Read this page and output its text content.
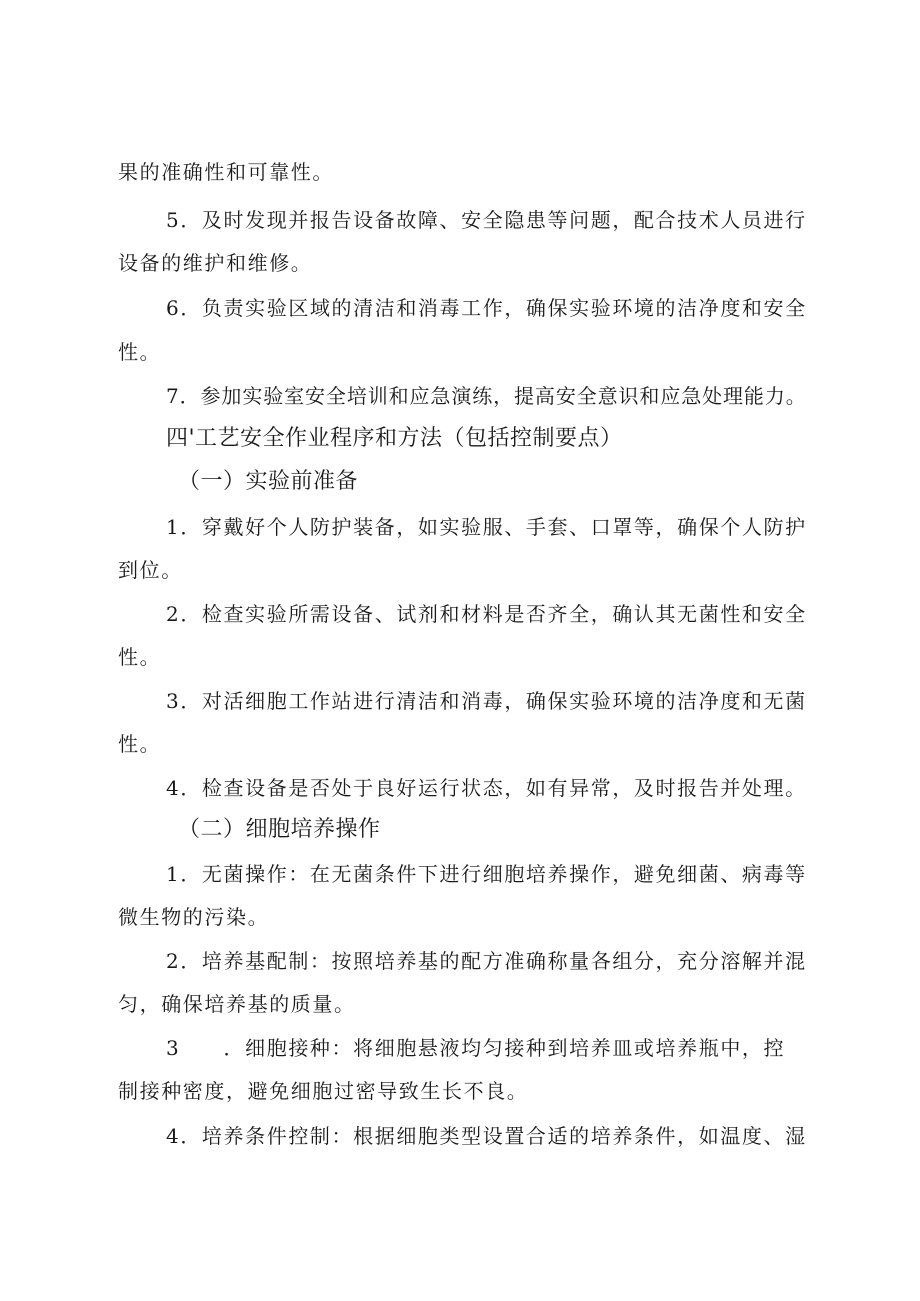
果的准确性和可靠性。
5．及时发现并报告设备故障、安全隐患等问题，配合技术人员进行
设备的维护和维修。
6．负责实验区域的清洁和消毒工作，确保实验环境的洁净度和安全
性。
7．参加实验室安全培训和应急演练，提高安全意识和应急处理能力。
四'工艺安全作业程序和方法（包括控制要点）
（一）实验前准备
1．穿戴好个人防护装备，如实验服、手套、口罩等，确保个人防护
到位。
2．检查实验所需设备、试剂和材料是否齐全，确认其无菌性和安全
性。
3．对活细胞工作站进行清洁和消毒，确保实验环境的洁净度和无菌
性。
4．检查设备是否处于良好运行状态，如有异常，及时报告并处理。
（二）细胞培养操作
1．无菌操作：在无菌条件下进行细胞培养操作，避免细菌、病毒等
微生物的污染。
2．培养基配制：按照培养基的配方准确称量各组分，充分溶解并混
匀，确保培养基的质量。
3　　．细胞接种：将细胞悬液均匀接种到培养皿或培养瓶中，控
制接种密度，避免细胞过密导致生长不良。
4．培养条件控制：根据细胞类型设置合适的培养条件，如温度、湿
